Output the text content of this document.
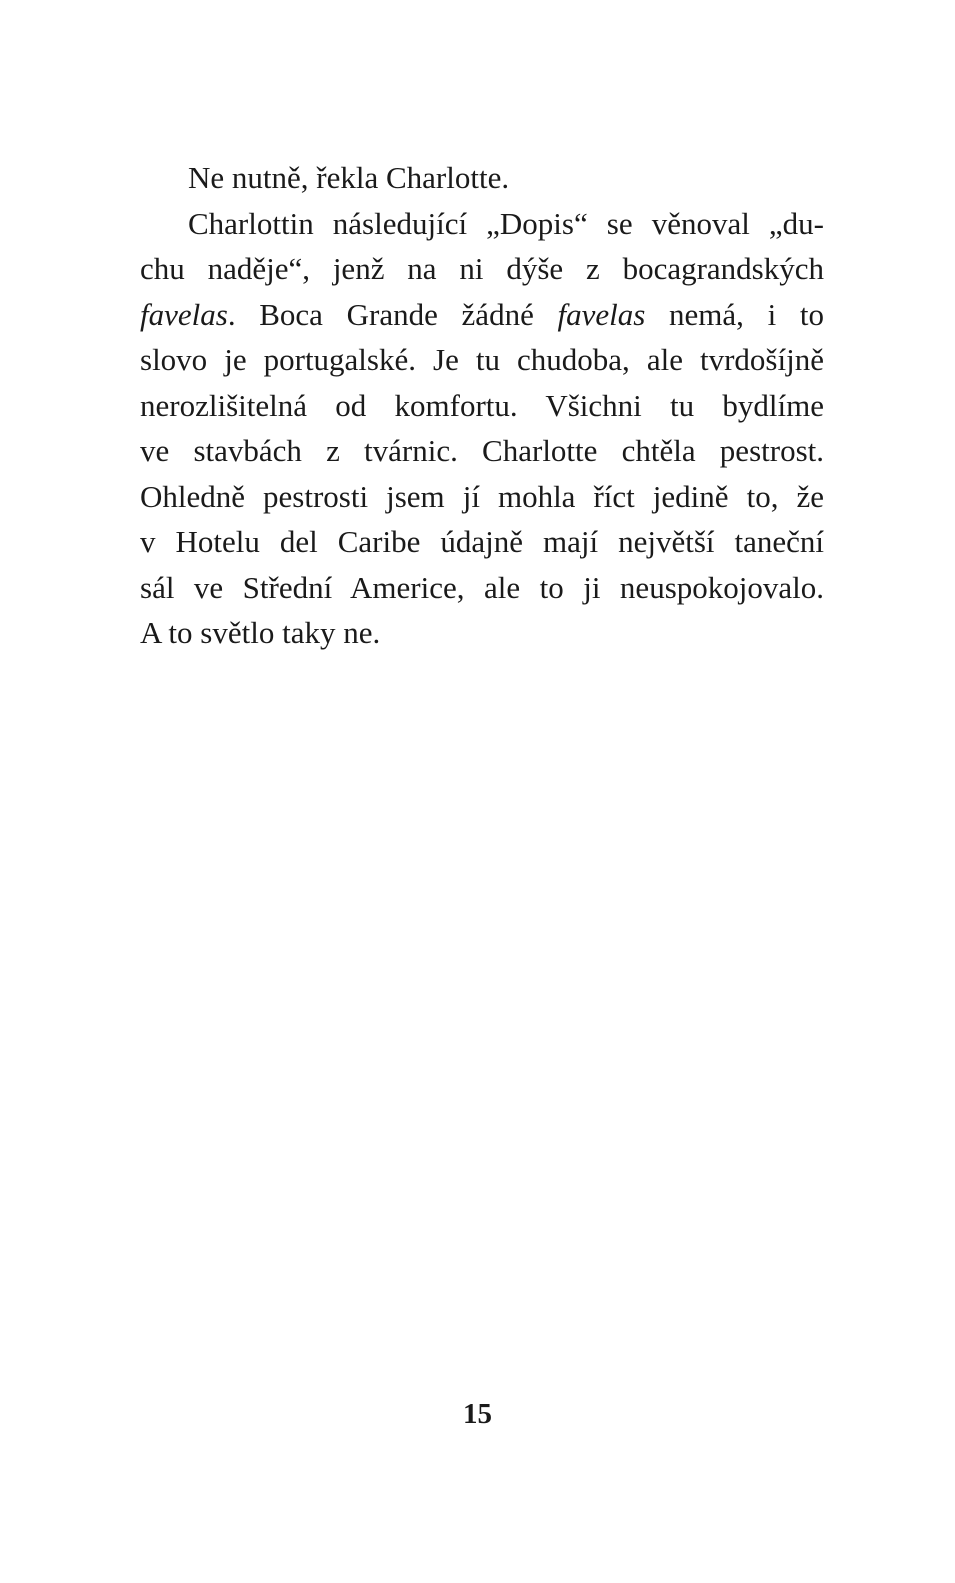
Ne nutně, řekla Charlotte.
Charlottin následující „Dopis“ se věnoval „du-
chu naděje“, jenž na ni dýše z bocagrandských
favelas. Boca Grande žádné favelas nemá, i to
slovo je portugalské. Je tu chudoba, ale tvrdošíjně
nerozlišitelná od komfortu. Všichni tu bydlíme
ve stavbách z tvárnic. Charlotte chtěla pestrost.
Ohledně pestrosti jsem jí mohla říct jedině to, že
v Hotelu del Caribe údajně mají největší taneční
sál ve Střední Americe, ale to ji neuspokojovalo.
A to světlo taky ne.
15
